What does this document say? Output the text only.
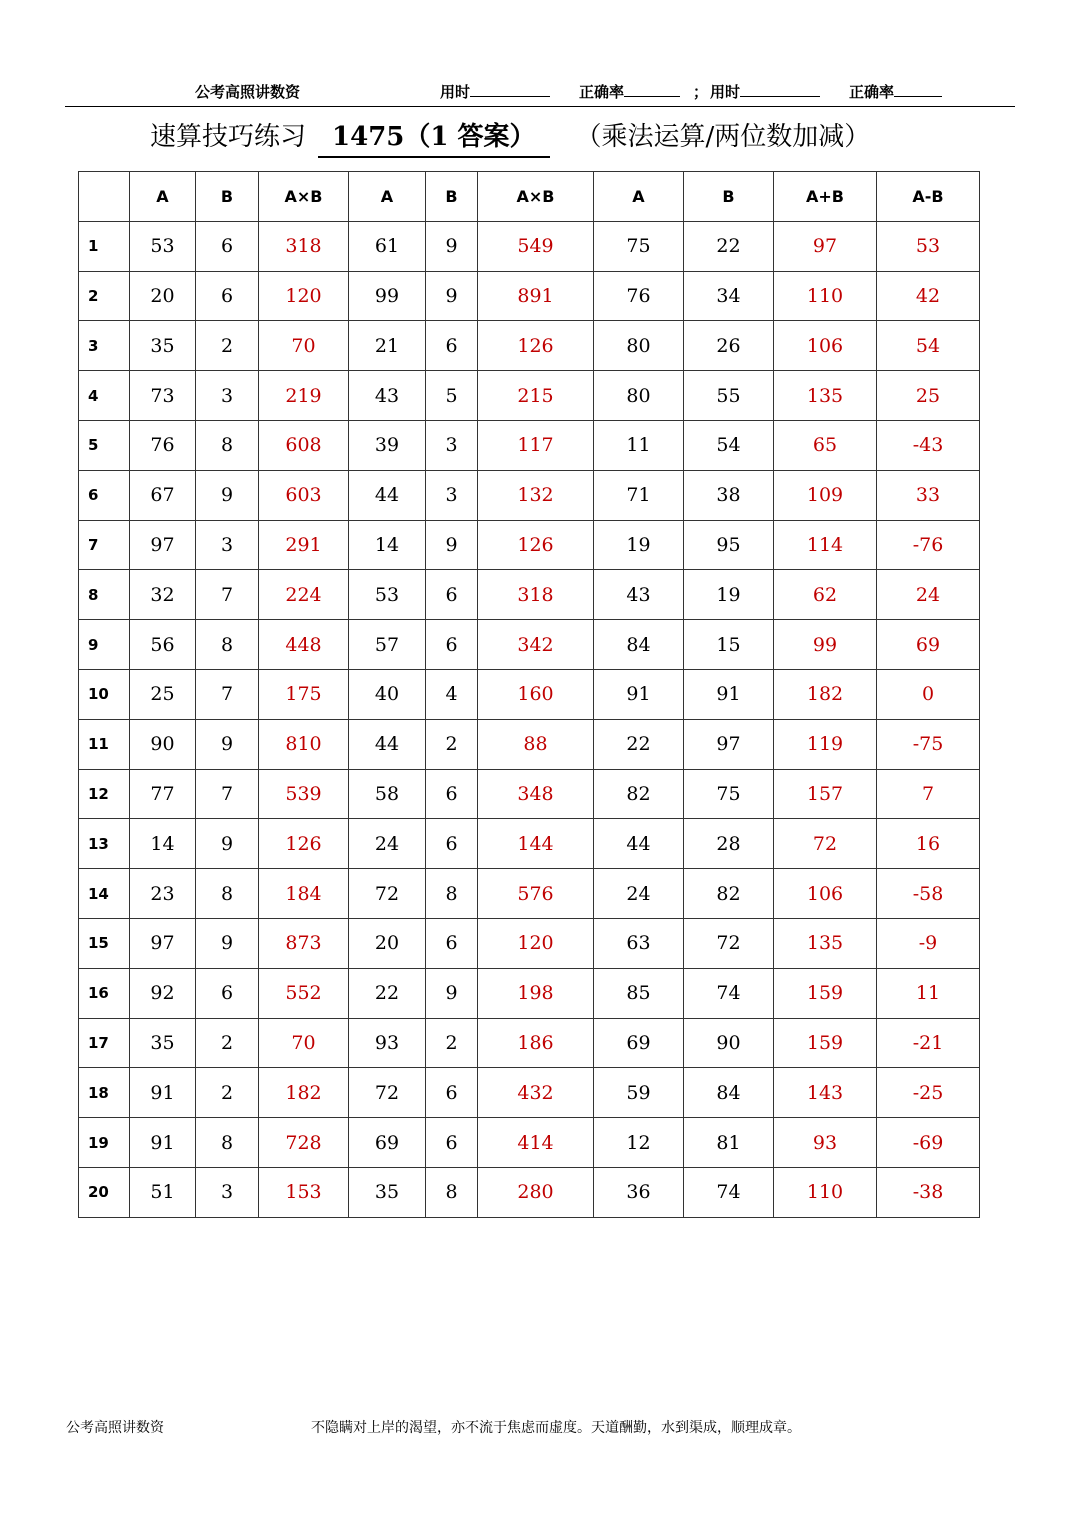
公考高照讲数资	用时	正确率	； 用时	正确率
速算技巧练习 1475（1 答案） （乘法运算/两位数加减）
	A	B	A×B	A	B	A×B	A	B	A+B	A-B
1	53	6	318	61	9	549	75	22	97	53
2	20	6	120	99	9	891	76	34	110	42
3	35	2	70	21	6	126	80	26	106	54
4	73	3	219	43	5	215	80	55	135	25
5	76	8	608	39	3	117	11	54	65	-43
6	67	9	603	44	3	132	71	38	109	33
7	97	3	291	14	9	126	19	95	114	-76
8	32	7	224	53	6	318	43	19	62	24
9	56	8	448	57	6	342	84	15	99	69
10	25	7	175	40	4	160	91	91	182	0
11	90	9	810	44	2	88	22	97	119	-75
12	77	7	539	58	6	348	82	75	157	7
13	14	9	126	24	6	144	44	28	72	16
14	23	8	184	72	8	576	24	82	106	-58
15	97	9	873	20	6	120	63	72	135	-9
16	92	6	552	22	9	198	85	74	159	11
17	35	2	70	93	2	186	69	90	159	-21
18	91	2	182	72	6	432	59	84	143	-25
19	91	8	728	69	6	414	12	81	93	-69
20	51	3	153	35	8	280	36	74	110	-38
公考高照讲数资	不隐瞒对上岸的渴望，亦不流于焦虑而虚度。天道酬勤，水到渠成，顺理成章。
